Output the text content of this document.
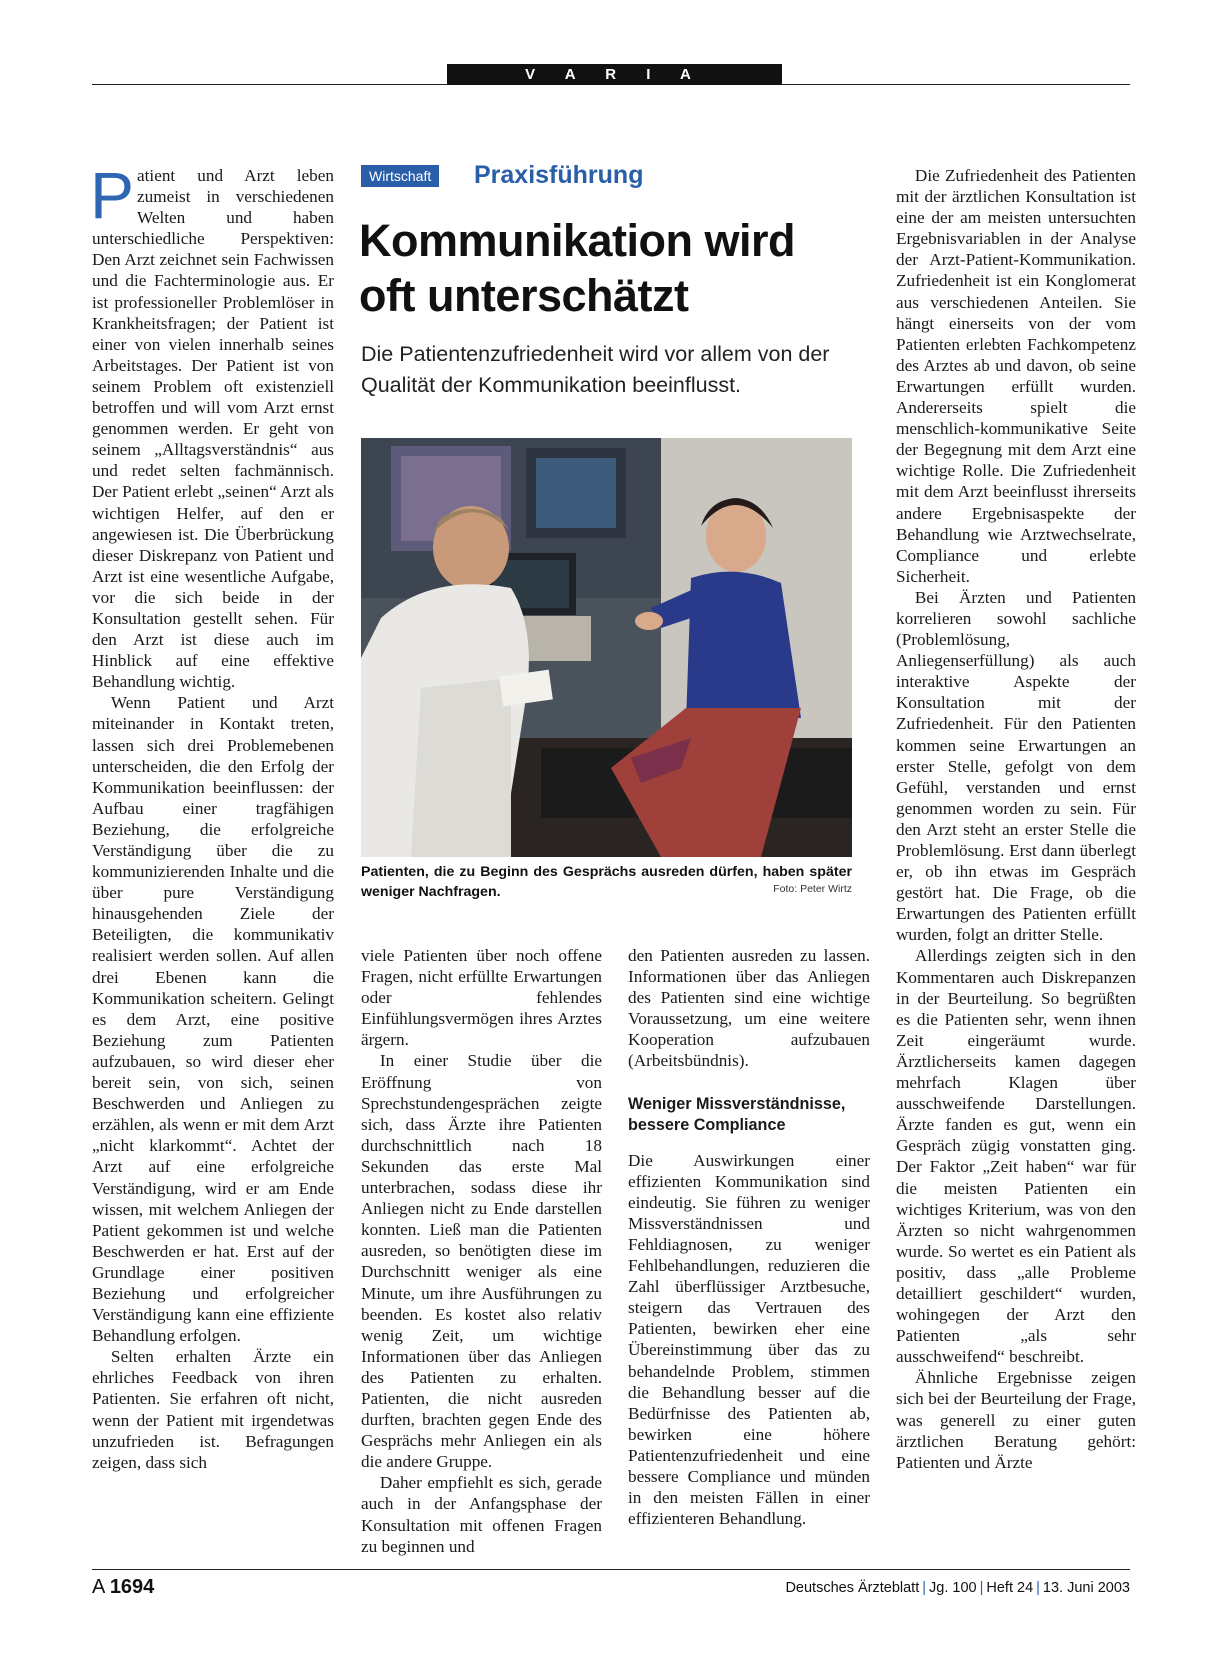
V A R I A

Patient und Arzt leben zumeist in verschiedenen Welten und haben unterschiedliche Perspektiven: Den Arzt zeichnet sein Fachwissen und die Fachterminologie aus. Er ist professioneller Problemlöser in Krankheitsfragen; der Patient ist einer von vielen innerhalb seines Arbeitstages. Der Patient ist von seinem Problem oft existenziell betroffen und will vom Arzt ernst genommen werden. Er geht von seinem „Alltagsverständnis“ aus und redet selten fachmännisch. Der Patient erlebt „seinen“ Arzt als wichtigen Helfer, auf den er angewiesen ist. Die Überbrückung dieser Diskrepanz von Patient und Arzt ist eine wesentliche Aufgabe, vor die sich beide in der Konsultation gestellt sehen. Für den Arzt ist diese auch im Hinblick auf eine effektive Behandlung wichtig.

Wenn Patient und Arzt miteinander in Kontakt treten, lassen sich drei Problemebenen unterscheiden, die den Erfolg der Kommunikation beeinflussen: der Aufbau einer tragfähigen Beziehung, die erfolgreiche Verständigung über die zu kommunizierenden Inhalte und die über pure Verständigung hinausgehenden Ziele der Beteiligten, die kommunikativ realisiert werden sollen. Auf allen drei Ebenen kann die Kommunikation scheitern. Gelingt es dem Arzt, eine positive Beziehung zum Patienten aufzubauen, so wird dieser eher bereit sein, von sich, seinen Beschwerden und Anliegen zu erzählen, als wenn er mit dem Arzt „nicht klarkommt“. Achtet der Arzt auf eine erfolgreiche Verständigung, wird er am Ende wissen, mit welchem Anliegen der Patient gekommen ist und welche Beschwerden er hat. Erst auf der Grundlage einer positiven Beziehung und erfolgreicher Verständigung kann eine effiziente Behandlung erfolgen.

Selten erhalten Ärzte ein ehrliches Feedback von ihren Patienten. Sie erfahren oft nicht, wenn der Patient mit irgendetwas unzufrieden ist. Befragungen zeigen, dass sich

Wirtschaft	Praxisführung
Kommunikation wird
oft unterschätzt
Die Patientenzufriedenheit wird vor allem von der Qualität der Kommunikation beeinflusst.
Patienten, die zu Beginn des Gesprächs ausreden dürfen, haben später weniger Nachfragen.	Foto: Peter Wirtz

viele Patienten über noch offene Fragen, nicht erfüllte Erwartungen oder fehlendes Einfühlungsvermögen ihres Arztes ärgern.

In einer Studie über die Eröffnung von Sprechstundengesprächen zeigte sich, dass Ärzte ihre Patienten durchschnittlich nach 18 Sekunden das erste Mal unterbrachen, sodass diese ihr Anliegen nicht zu Ende darstellen konnten. Ließ man die Patienten ausreden, so benötigten diese im Durchschnitt weniger als eine Minute, um ihre Ausführungen zu beenden. Es kostet also relativ wenig Zeit, um wichtige Informationen über das Anliegen des Patienten zu erhalten. Patienten, die nicht ausreden durften, brachten gegen Ende des Gesprächs mehr Anliegen ein als die andere Gruppe.

Daher empfiehlt es sich, gerade auch in der Anfangsphase der Konsultation mit offenen Fragen zu beginnen und

den Patienten ausreden zu lassen. Informationen über das Anliegen des Patienten sind eine wichtige Voraussetzung, um eine weitere Kooperation aufzubauen (Arbeitsbündnis).

Weniger Missverständnisse,
bessere Compliance

Die Auswirkungen einer effizienten Kommunikation sind eindeutig. Sie führen zu weniger Missverständnissen und Fehldiagnosen, zu weniger Fehlbehandlungen, reduzieren die Zahl überflüssiger Arztbesuche, steigern das Vertrauen des Patienten, bewirken eher eine Übereinstimmung über das zu behandelnde Problem, stimmen die Behandlung besser auf die Bedürfnisse des Patienten ab, bewirken eine höhere Patientenzufriedenheit und eine bessere Compliance und münden in den meisten Fällen in einer effizienteren Behandlung.

Die Zufriedenheit des Patienten mit der ärztlichen Konsultation ist eine der am meisten untersuchten Ergebnisvariablen in der Analyse der Arzt-Patient-Kommunikation. Zufriedenheit ist ein Konglomerat aus verschiedenen Anteilen. Sie hängt einerseits von der vom Patienten erlebten Fachkompetenz des Arztes ab und davon, ob seine Erwartungen erfüllt wurden. Andererseits spielt die menschlich-kommunikative Seite der Begegnung mit dem Arzt eine wichtige Rolle. Die Zufriedenheit mit dem Arzt beeinflusst ihrerseits andere Ergebnisaspekte der Behandlung wie Arztwechselrate, Compliance und erlebte Sicherheit.

Bei Ärzten und Patienten korrelieren sowohl sachliche (Problemlösung, Anliegenserfüllung) als auch interaktive Aspekte der Konsultation mit der Zufriedenheit. Für den Patienten kommen seine Erwartungen an erster Stelle, gefolgt von dem Gefühl, verstanden und ernst genommen worden zu sein. Für den Arzt steht an erster Stelle die Problemlösung. Erst dann überlegt er, ob ihn etwas im Gespräch gestört hat. Die Frage, ob die Erwartungen des Patienten erfüllt wurden, folgt an dritter Stelle.

Allerdings zeigten sich in den Kommentaren auch Diskrepanzen in der Beurteilung. So begrüßten es die Patienten sehr, wenn ihnen Zeit eingeräumt wurde. Ärztlicherseits kamen dagegen mehrfach Klagen über ausschweifende Darstellungen. Ärzte fanden es gut, wenn ein Gespräch zügig vonstatten ging. Der Faktor „Zeit haben“ war für die meisten Patienten ein wichtiges Kriterium, was von den Ärzten so nicht wahrgenommen wurde. So wertet es ein Patient als positiv, dass „alle Probleme detailliert geschildert“ wurden, wohingegen der Arzt den Patienten „als sehr ausschweifend“ beschreibt.

Ähnliche Ergebnisse zeigen sich bei der Beurteilung der Frage, was generell zu einer guten ärztlichen Beratung gehört: Patienten und Ärzte

A 1694	Deutsches Ärzteblatt | Jg. 100 | Heft 24 | 13. Juni 2003
